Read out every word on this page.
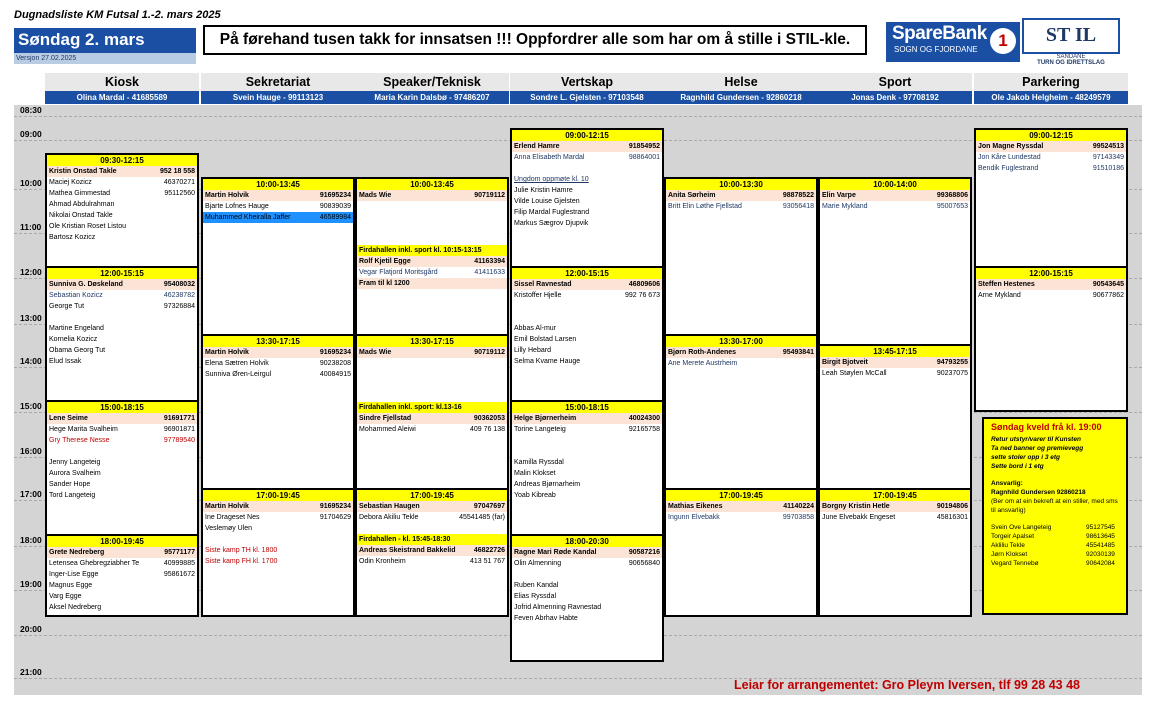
Dugnadsliste KM Futsal 1.-2. mars 2025
Søndag 2. mars
Versjon 27.02.2025
På førehand tusen takk for innsatsen !!! Oppfordrer alle som har om å stille i STIL-kle.	SpareBank
SOGN OG FJORDANE	1	ST IL
SANDANE
TURN OG IDRETTSLAG
Kiosk
Olina Mardal - 41685589
Sekretariat
Svein Hauge - 99113123
Speaker/Teknisk
Maria Karin Dalsbø - 97486207
Vertskap
Sondre L. Gjelsten - 97103548
Helse
Ragnhild Gundersen - 92860218
Sport
Jonas Denk - 97708192
Parkering
Ole Jakob Helgheim - 48249579
08:30
09:00
10:00
11:00
12:00
13:00
14:00
15:00
16:00
17:00
18:00
19:00
20:00
21:00
09:30-12:15
Kristin Onstad Takle	952 18 558
Maciej Kozicz	46370271
Mathea Gimmestad	95112560
Ahmad Abdulrahman
Nikolai Onstad Takle
Ole Kristian Roset Listou
Bartosz Kozicz
12:00-15:15
Sunniva G. Døskeland	95408032
Sebastian Kozicz	46238782
George Tut	97326884
Martine Engeland
Kornelia Kozicz
Obama Georg Tut
Elud Issak
15:00-18:15
Lene Seime	91691771
Hege Marita Svalheim	96901871
Gry Therese Nesse	97789540
Jenny Langeteig
Aurora Svalheim
Sander Hope
Tord Langeteig
18:00-19:45
Grete Nedreberg	95771177
Letensea Ghebregziabher Te	40999885
Inger-Lise Egge	95861672
Magnus Egge
Varg Egge
Aksel Nedreberg
10:00-13:45
Martin Holvik	91695234
Bjarte Lofnes Hauge	90839039
Muhammed Kheiralla Jaffer	46589984
13:30-17:15
Martin Holvik	91695234
Elena Sætren Holvik	90238208
Sunniva Øren-Leirgul	40084915
17:00-19:45
Martin Holvik	91695234
Ine Drageset Nes	91704629
Veslemøy Ulen
Siste kamp TH kl. 1800
Siste kamp FH kl. 1700
10:00-13:45
Mads Wie	90719112
Firdahallen inkl. sport kl. 10:15-13:15
Rolf Kjetil Egge	41163394
Vegar Flatjord Moritsgård	41411633
Fram til kl 1200
13:30-17:15
Mads Wie	90719112
Firdahallen inkl. sport: kl.13-16
Sindre Fjellstad	90362053
Mohammed Aleiwi	409 76 138
17:00-19:45
Sebastian Haugen	97047697
Debora Akiliu Tekle	45541485 (far)
Firdahallen - kl. 15:45-18:30
Andreas Skeistrand Bakkelid	46822726
Odin Kronheim	413 51 767
09:00-12:15
Erlend Hamre	91854952
Anna Elisabeth Mardal	98864001
Ungdom oppmøte kl. 10
Julie Kristin Hamre
Vilde Louise Gjelsten
Filip Mardal Fuglestrand
Markus Sægrov Djupvik
12:00-15:15
Sissel Ravnestad	46809606
Kristoffer Hjelle	992 76 673
Abbas Al-mur
Emil Bolstad Larsen
Lilly Hebard
Selma Kvame Hauge
15:00-18:15
Helge Bjørnerheim	40024300
Torine Langeteig	92165758
Kamilla Ryssdal
Malin Klokset
Andreas Bjørnarheim
Yoab Kibreab
18:00-20:30
Ragne Mari Røde Kandal	90587216
Olin Almenning	90656840
Ruben Kandal
Elias Ryssdal
Jofrid Almenning Ravnestad
Feven Abrhav Habte
10:00-13:30
Anita Sørheim	98878522
Britt Elin Løthe Fjellstad	93056418
13:30-17:00
Bjørn Roth-Andenes	95493841
Ane Merete Austrheim
17:00-19:45
Mathias Eikenes	41140224
Ingunn Elvebakk	99703858
10:00-14:00
Elin Varpe	99368806
Marie Mykland	95007653
13:45-17:15
Birgit Bjotveit	94793255
Leah Støylen McCall	90237075
17:00-19:45
Borgny Kristin Hetle	90194806
June Elvebakk Engeset	45816301
09:00-12:15
Jon Magne Ryssdal	99524513
Jon Kåre Lundestad	97143349
Bendik Fuglestrand	91510186
12:00-15:15
Steffen Hestenes	90543645
Arne Mykland	90677862
Søndag kveld frå kl. 19:00
Retur utstyr/varer til Kunsten
Ta ned banner og premievegg
sette stoler opp i 3 etg
Sette bord i 1 etg
Ansvarlig:
Ragnhild Gundersen 92860218
(Ber om at ein bekreft at ein stiller, med sms til ansvarlig)
Svein Ove Langeteig	95127545
Torgeir Apalset	98613645
Akliliu Tekle	45541485
Jørn Klokset	92030139
Vegard Tennebø	90642084
Leiar for arrangementet: Gro Pleym Iversen, tlf 99 28 43 48
